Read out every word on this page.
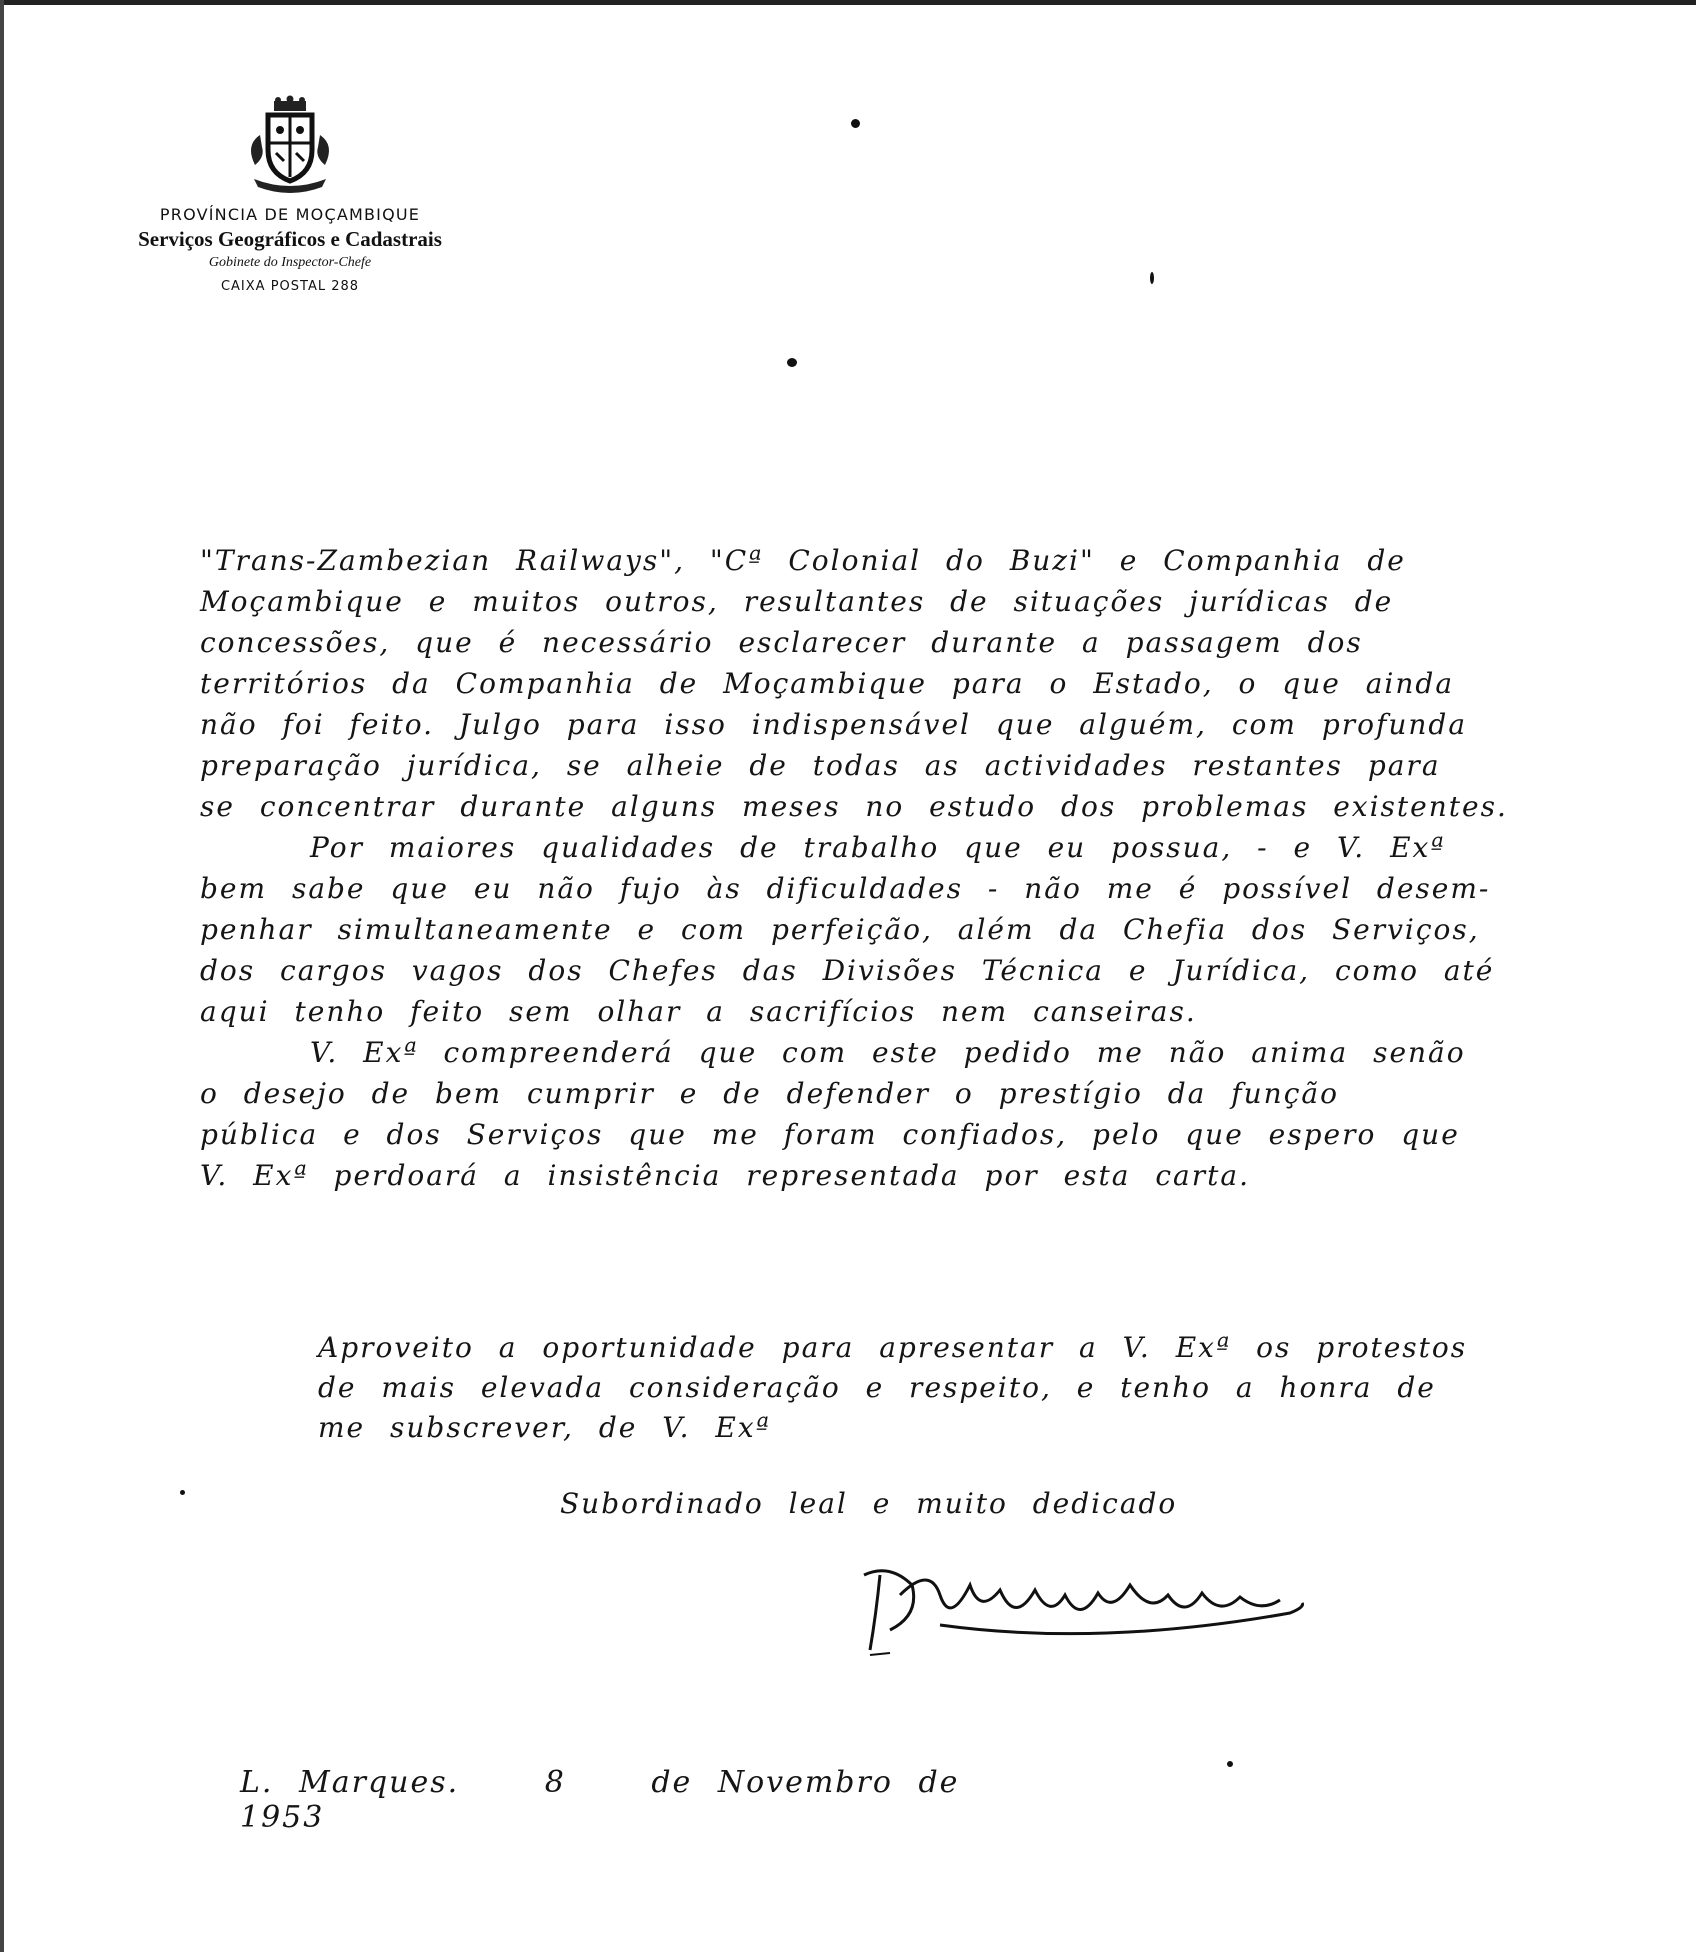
PROVÍNCIA DE MOÇAMBIQUE
Serviços Geográficos e Cadastrais
Gobinete do Inspector-Chefe
CAIXA POSTAL 288
"Trans-Zambezian Railways", "Cª Colonial do Buzi" e Companhia de
Moçambique e muitos outros, resultantes de situações jurídicas de
concessões, que é necessário esclarecer durante a passagem dos
territórios da Companhia de Moçambique para o Estado, o que ainda
não foi feito. Julgo para isso indispensável que alguém, com profunda
preparação jurídica, se alheie de todas as actividades restantes para
se concentrar durante alguns meses no estudo dos problemas existentes.
Por maiores qualidades de trabalho que eu possua, - e V. Exª
bem sabe que eu não fujo às dificuldades - não me é possível desem-
penhar simultaneamente e com perfeição, além da Chefia dos Serviços,
dos cargos vagos dos Chefes das Divisões Técnica e Jurídica, como até
aqui tenho feito sem olhar a sacrifícios nem canseiras.
V. Exª compreenderá que com este pedido me não anima senão
o desejo de bem cumprir e de defender o prestígio da função
pública e dos Serviços que me foram confiados, pelo que espero que
V. Exª perdoará a insistência representada por esta carta.
Aproveito a oportunidade para apresentar a V. Exª os protestos
de mais elevada consideração e respeito, e tenho a honra de
me subscrever, de V. Exª
Subordinado leal e muito dedicado
L. Marques.	8	de Novembro de 1953
